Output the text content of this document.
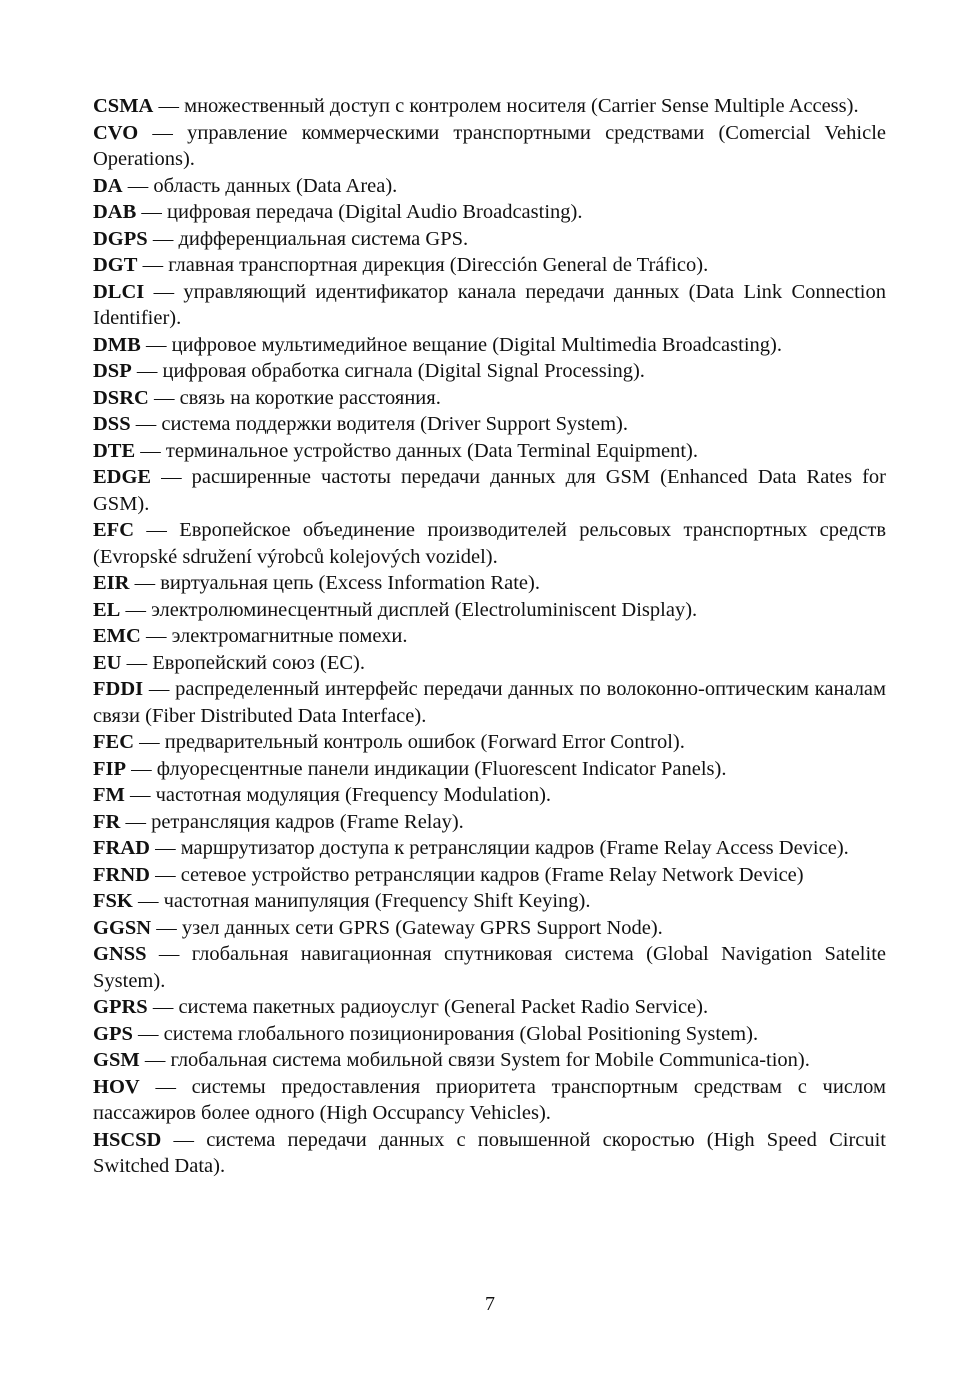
CSMA — множественный доступ с контролем носителя (Carrier Sense Multiple Access).

CVO — управление коммерческими транспортными средствами (Comercial Vehicle Operations).

DA — область данных (Data Area).

DAB — цифровая передача (Digital Audio Broadcasting).

DGPS — дифференциальная система GPS.

DGT — главная транспортная дирекция (Dirección General de Tráfico).

DLCI — управляющий идентификатор канала передачи данных (Data Link Connection Identifier).

DMB — цифровое мультимедийное вещание (Digital Multimedia Broadcasting).

DSP — цифровая обработка сигнала (Digital Signal Processing).

DSRC — связь на короткие расстояния.

DSS — система поддержки водителя (Driver Support System).

DTE — терминальное устройство данных (Data Terminal Equipment).

EDGE — расширенные частоты передачи данных для GSM (Enhanced Data Rates for GSM).

EFC — Европейское объединение производителей рельсовых транспортных средств (Evropské sdružení výrobců kolejových vozidel).

EIR — виртуальная цепь (Excess Information Rate).

EL — электролюминесцентный дисплей (Electroluminiscent Display).

EMC — электромагнитные помехи.

EU — Европейский союз (ЕС).

FDDI — распределенный интерфейс передачи данных по волоконно-оптическим каналам связи (Fiber Distributed Data Interface).

FEC — предварительный контроль ошибок (Forward Error Control).

FIP — флуоресцентные панели индикации (Fluorescent Indicator Panels).

FM — частотная модуляция (Frequency Modulation).

FR — ретрансляция кадров (Frame Relay).

FRAD — маршрутизатор доступа к ретрансляции кадров (Frame Relay Access Device).

FRND — сетевое устройство ретрансляции кадров (Frame Relay Network Device)

FSK — частотная манипуляция (Frequency Shift Keying).

GGSN — узел данных сети GPRS (Gateway GPRS Support Node).

GNSS — глобальная навигационная спутниковая система (Global Navigation Satelite System).

GPRS — система пакетных радиоуслуг (General Packet Radio Service).

GPS — система глобального позиционирования (Global Positioning System).

GSM — глобальная система мобильной связи System for Mobile Communica-tion).

HOV — системы предоставления приоритета транспортным средствам с числом пассажиров более одного (High Occupancy Vehicles).

HSCSD — система передачи данных с повышенной скоростью (High Speed Circuit Switched Data).

7
